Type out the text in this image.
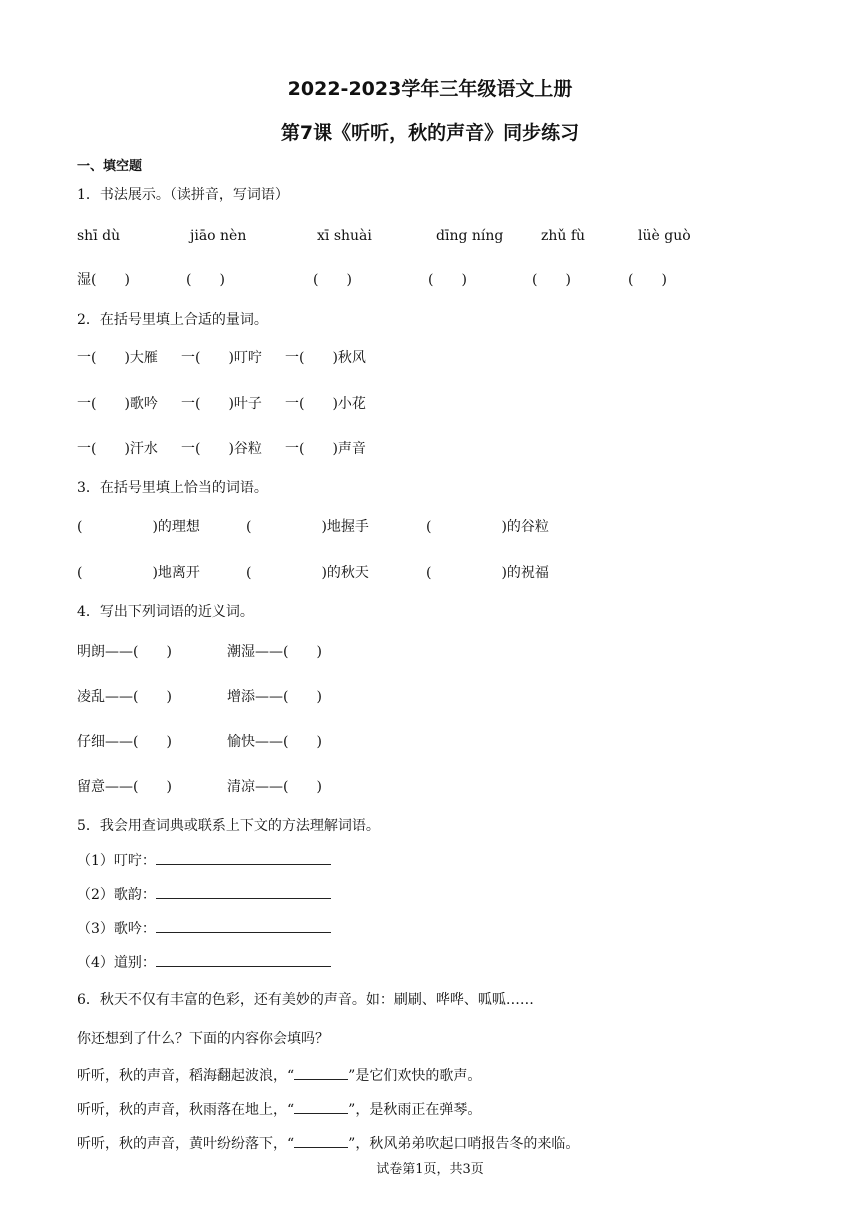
2022-2023学年三年级语文上册
第7课《听听，秋的声音》同步练习
一、填空题
1．书法展示。（读拼音，写词语）
shī dù	jiāo nèn	xī shuài	dīng níng	zhǔ fù	lüè guò
湿(　　)	(　　)	(　　)	(　　)	(　　)	(　　)
2．在括号里填上合适的量词。
一(　　)大雁 一(　　)叮咛 一(　　)秋风
一(　　)歌吟 一(　　)叶子 一(　　)小花
一(　　)汗水 一(　　)谷粒 一(　　)声音
3．在括号里填上恰当的词语。
(　　　　　)的理想	(　　　　　)地握手	(　　　　　)的谷粒
(　　　　　)地离开	(　　　　　)的秋天	(　　　　　)的祝福
4．写出下列词语的近义词。
明朗——(　　)	潮湿——(　　)
凌乱——(　　)	增添——(　　)
仔细——(　　)	愉快——(　　)
留意——(　　)	清凉——(　　)
5．我会用查词典或联系上下文的方法理解词语。
（1）叮咛：
（2）歌韵：
（3）歌吟：
（4）道别：
6．秋天不仅有丰富的色彩，还有美妙的声音。如：刷刷、哗哗、呱呱……
你还想到了什么？下面的内容你会填吗？
听听，秋的声音，稻海翻起波浪，“	”是它们欢快的歌声。
听听，秋的声音，秋雨落在地上，“	”，是秋雨正在弹琴。
听听，秋的声音，黄叶纷纷落下，“	”，秋风弟弟吹起口哨报告冬的来临。
试卷第1页，共3页
